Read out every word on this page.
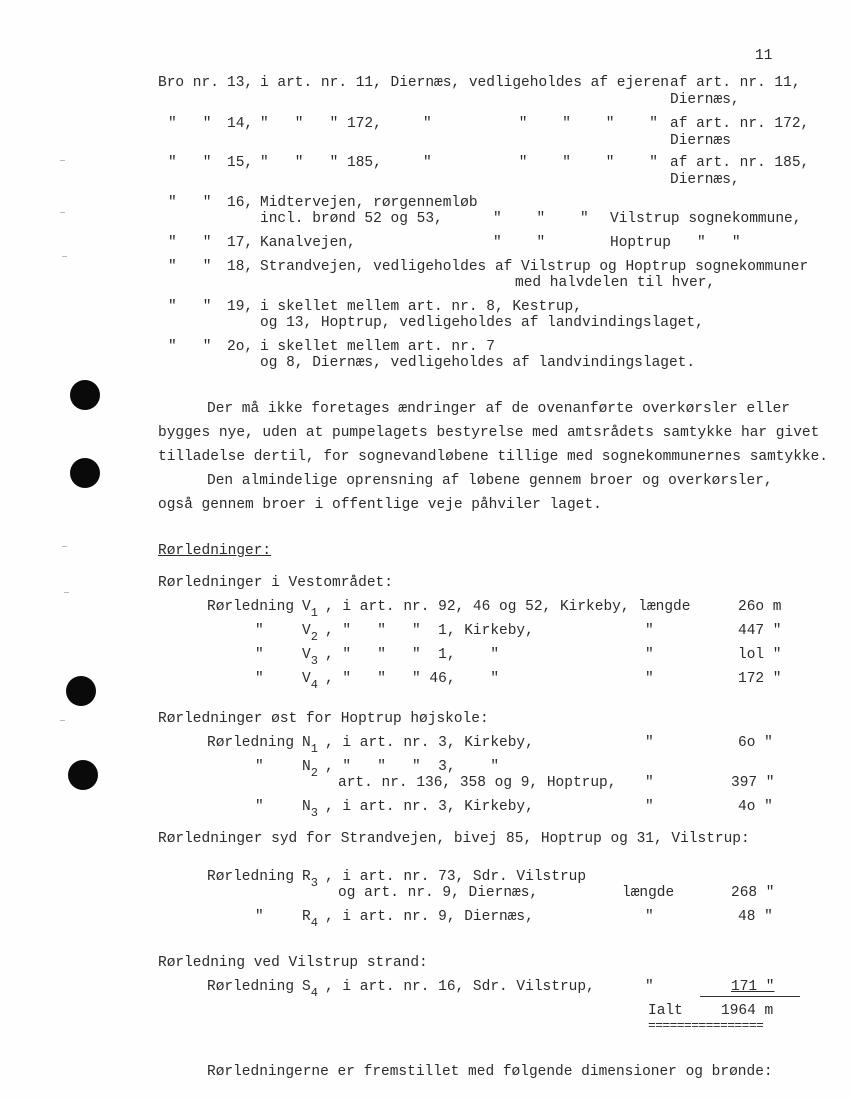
11
Bro nr. 13, i art. nr. 11, Diernæs, vedligeholdes af ejeren af art. nr. 11,
Diernæs,
"   " 14, "   "   " 172,	"          "    "    "    " af art. nr. 172,
Diernæs
"   " 15, "   "   " 185,	"          "    "    "    " af art. nr. 185,
Diernæs,
"   " 16, Midtervejen, rørgennemløb
incl. brønd 52 og 53,	"    "    " Vilstrup sognekommune,
"   " 17, Kanalvejen,	"    "	Hoptrup   "   "
"   " 18, Strandvejen, vedligeholdes af Vilstrup og Hoptrup sognekommuner
med halvdelen til hver,
"   " 19, i skellet mellem art. nr. 8, Kestrup,
og 13, Hoptrup, vedligeholdes af landvindingslaget,
"   " 2o, i skellet mellem art. nr. 7
og 8, Diernæs, vedligeholdes af landvindingslaget.
Der må ikke foretages ændringer af de ovenanførte overkørsler eller
bygges nye, uden at pumpelagets bestyrelse med amtsrådets samtykke har givet
tilladelse dertil, for sognevandløbene tillige med sognekommunernes samtykke.
Den almindelige oprensning af løbene gennem broer og overkørsler,
også gennem broer i offentlige veje påhviler laget.
Rørledninger:
Rørledninger i Vestområdet:
Rørledning $V_1$ , i art. nr. 92, 46 og 52, Kirkeby, længde	26o m
"	$V_2$ , "   "   "  1, Kirkeby,	"	447 "
"	$V_3$ , "   "   "  1,    "	"	lol "
"	$V_4$ , "   "   " 46,    "	"	172 "
Rørledninger øst for Hoptrup højskole:
Rørledning $N_1$ , i art. nr. 3, Kirkeby,	"	6o "
"	$N_2$ , "   "   "  3,    "
art. nr. 136, 358 og 9, Hoptrup, "	397 "
"	$N_3$ , i art. nr. 3, Kirkeby,	"	4o "
Rørledninger syd for Strandvejen, bivej 85, Hoptrup og 31, Vilstrup:
Rørledning $R_3$ , i art. nr. 73, Sdr. Vilstrup
og art. nr. 9, Diernæs,	længde	268 "
"	$R_4$ , i art. nr. 9, Diernæs,	"	48 "
Rørledning ved Vilstrup strand:
Rørledning $S_4$ , i art. nr. 16, Sdr. Vilstrup,	"	171 "
Ialt	1964 m
================
Rørledningerne er fremstillet med følgende dimensioner og brønde:
